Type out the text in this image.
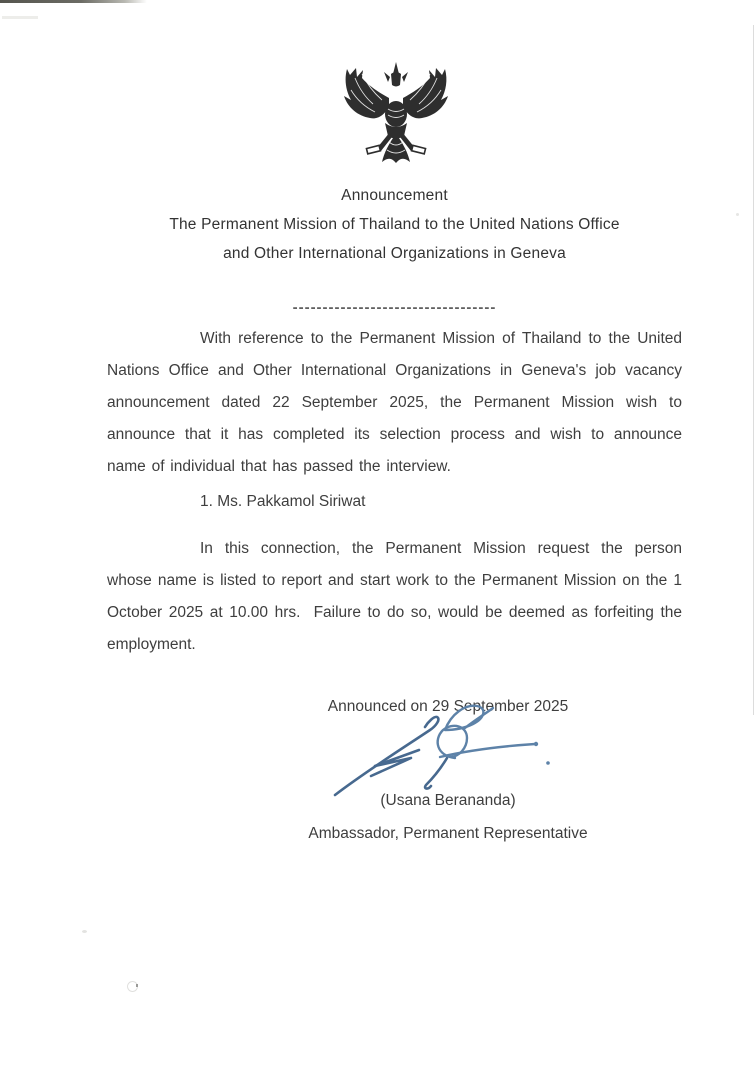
Announcement
The Permanent Mission of Thailand to the United Nations Office
and Other International Organizations in Geneva
----------------------------------
With reference to the Permanent Mission of Thailand to the United Nations Office and Other International Organizations in Geneva's job vacancy announcement dated 22 September 2025, the Permanent Mission wish to announce that it has completed its selection process and wish to announce name of individual that has passed the interview.
1. Ms. Pakkamol Siriwat
In this connection, the Permanent Mission request the person whose name is listed to report and start work to the Permanent Mission on the 1 October 2025 at 10.00 hrs.  Failure to do so, would be deemed as forfeiting the employment.
Announced on 29 September 2025
(Usana Berananda)
Ambassador, Permanent Representative
